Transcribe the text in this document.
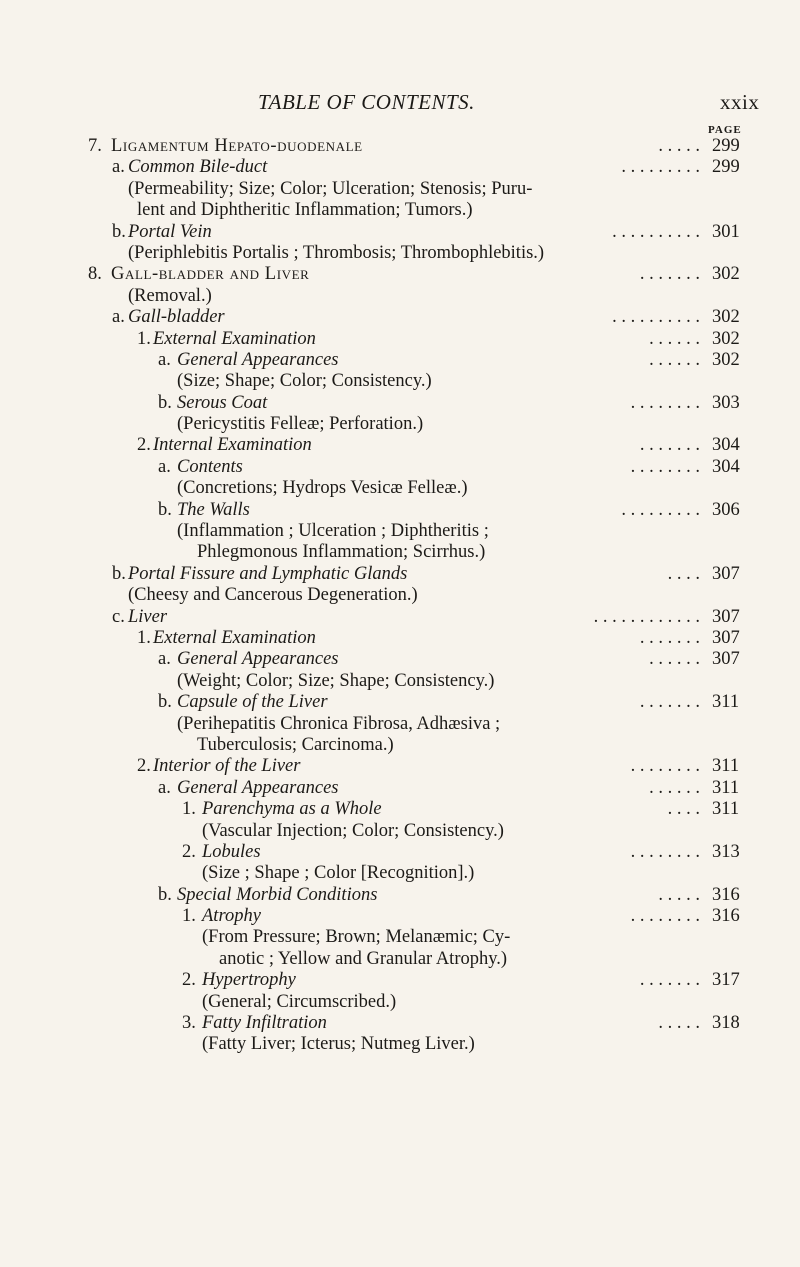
TABLE OF CONTENTS.	xxix
PAGE
7. Ligamentum Hepato-duodenale	. . . . . 299
a. Common Bile-duct	. . . . . . . . . 299
(Permeability; Size; Color; Ulceration; Stenosis; Puru-
lent and Diphtheritic Inflammation; Tumors.)
b. Portal Vein	. . . . . . . . . . 301
(Periphlebitis Portalis ; Thrombosis; Thrombophlebitis.)
8. Gall-bladder and Liver	. . . . . . . 302
(Removal.)
a. Gall-bladder	. . . . . . . . . . 302
1. External Examination	. . . . . . 302
a. General Appearances	. . . . . . 302
(Size; Shape; Color; Consistency.)
b. Serous Coat	. . . . . . . . 303
(Pericystitis Felleæ; Perforation.)
2. Internal Examination	. . . . . . . 304
a. Contents	. . . . . . . . 304
(Concretions; Hydrops Vesicæ Felleæ.)
b. The Walls	. . . . . . . . . 306
(Inflammation ; Ulceration ; Diphtheritis ;
Phlegmonous Inflammation; Scirrhus.)
b. Portal Fissure and Lymphatic Glands	. . . . 307
(Cheesy and Cancerous Degeneration.)
c. Liver	. . . . . . . . . . . . 307
1. External Examination	. . . . . . . 307
a. General Appearances	. . . . . . 307
(Weight; Color; Size; Shape; Consistency.)
b. Capsule of the Liver	. . . . . . . 311
(Perihepatitis Chronica Fibrosa, Adhæsiva ;
Tuberculosis; Carcinoma.)
2. Interior of the Liver	. . . . . . . . 311
a. General Appearances	. . . . . . 311
1. Parenchyma as a Whole	. . . . 311
(Vascular Injection; Color; Consistency.)
2. Lobules	. . . . . . . . 313
(Size ; Shape ; Color [Recognition].)
b. Special Morbid Conditions	. . . . . 316
1. Atrophy	. . . . . . . . 316
(From Pressure; Brown; Melanæmic; Cy-
anotic ; Yellow and Granular Atrophy.)
2. Hypertrophy	. . . . . . . 317
(General; Circumscribed.)
3. Fatty Infiltration	. . . . . 318
(Fatty Liver; Icterus; Nutmeg Liver.)
